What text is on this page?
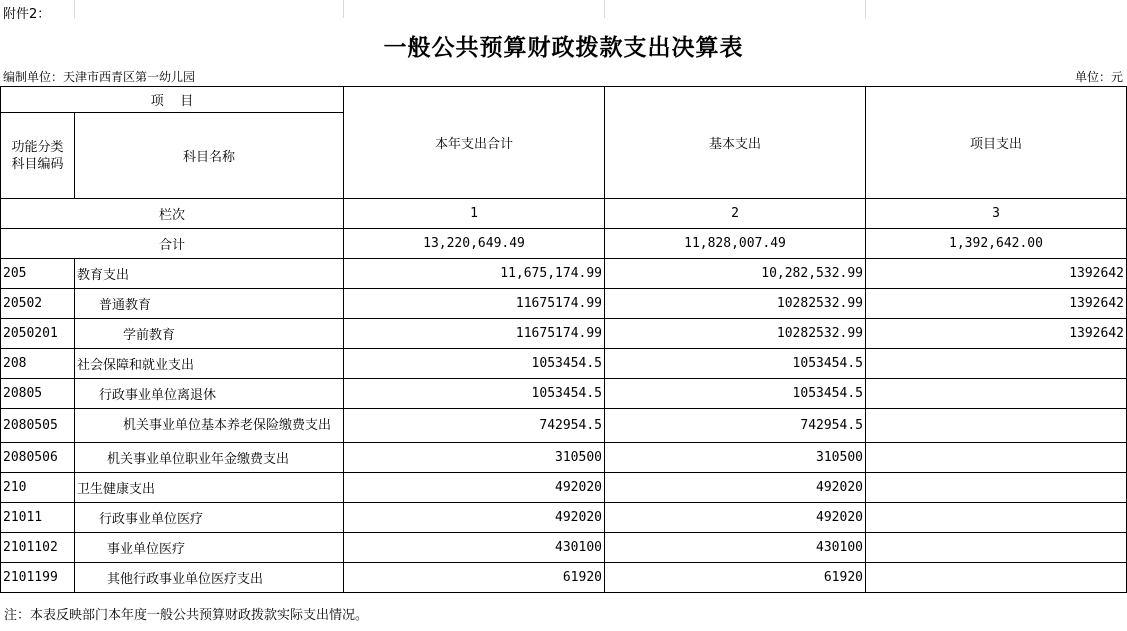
附件2：
一般公共预算财政拨款支出决算表
编制单位：天津市西青区第一幼儿园	单位：元
项    目		本年支出合计	基本支出	项目支出
功能分类科目编码	科目名称			
栏次		1	2	3
合计		13,220,649.49	11,828,007.49	1,392,642.00
205	教育支出	11,675,174.99	10,282,532.99	1392642
20502	普通教育	11675174.99	10282532.99	1392642
2050201	学前教育	11675174.99	10282532.99	1392642
208	社会保障和就业支出	1053454.5	1053454.5	
20805	行政事业单位离退休	1053454.5	1053454.5	
2080505	机关事业单位基本养老保险缴费支出	742954.5	742954.5	
2080506	机关事业单位职业年金缴费支出	310500	310500	
210	卫生健康支出	492020	492020	
21011	行政事业单位医疗	492020	492020	
2101102	事业单位医疗	430100	430100	
2101199	其他行政事业单位医疗支出	61920	61920	
注：本表反映部门本年度一般公共预算财政拨款实际支出情况。
